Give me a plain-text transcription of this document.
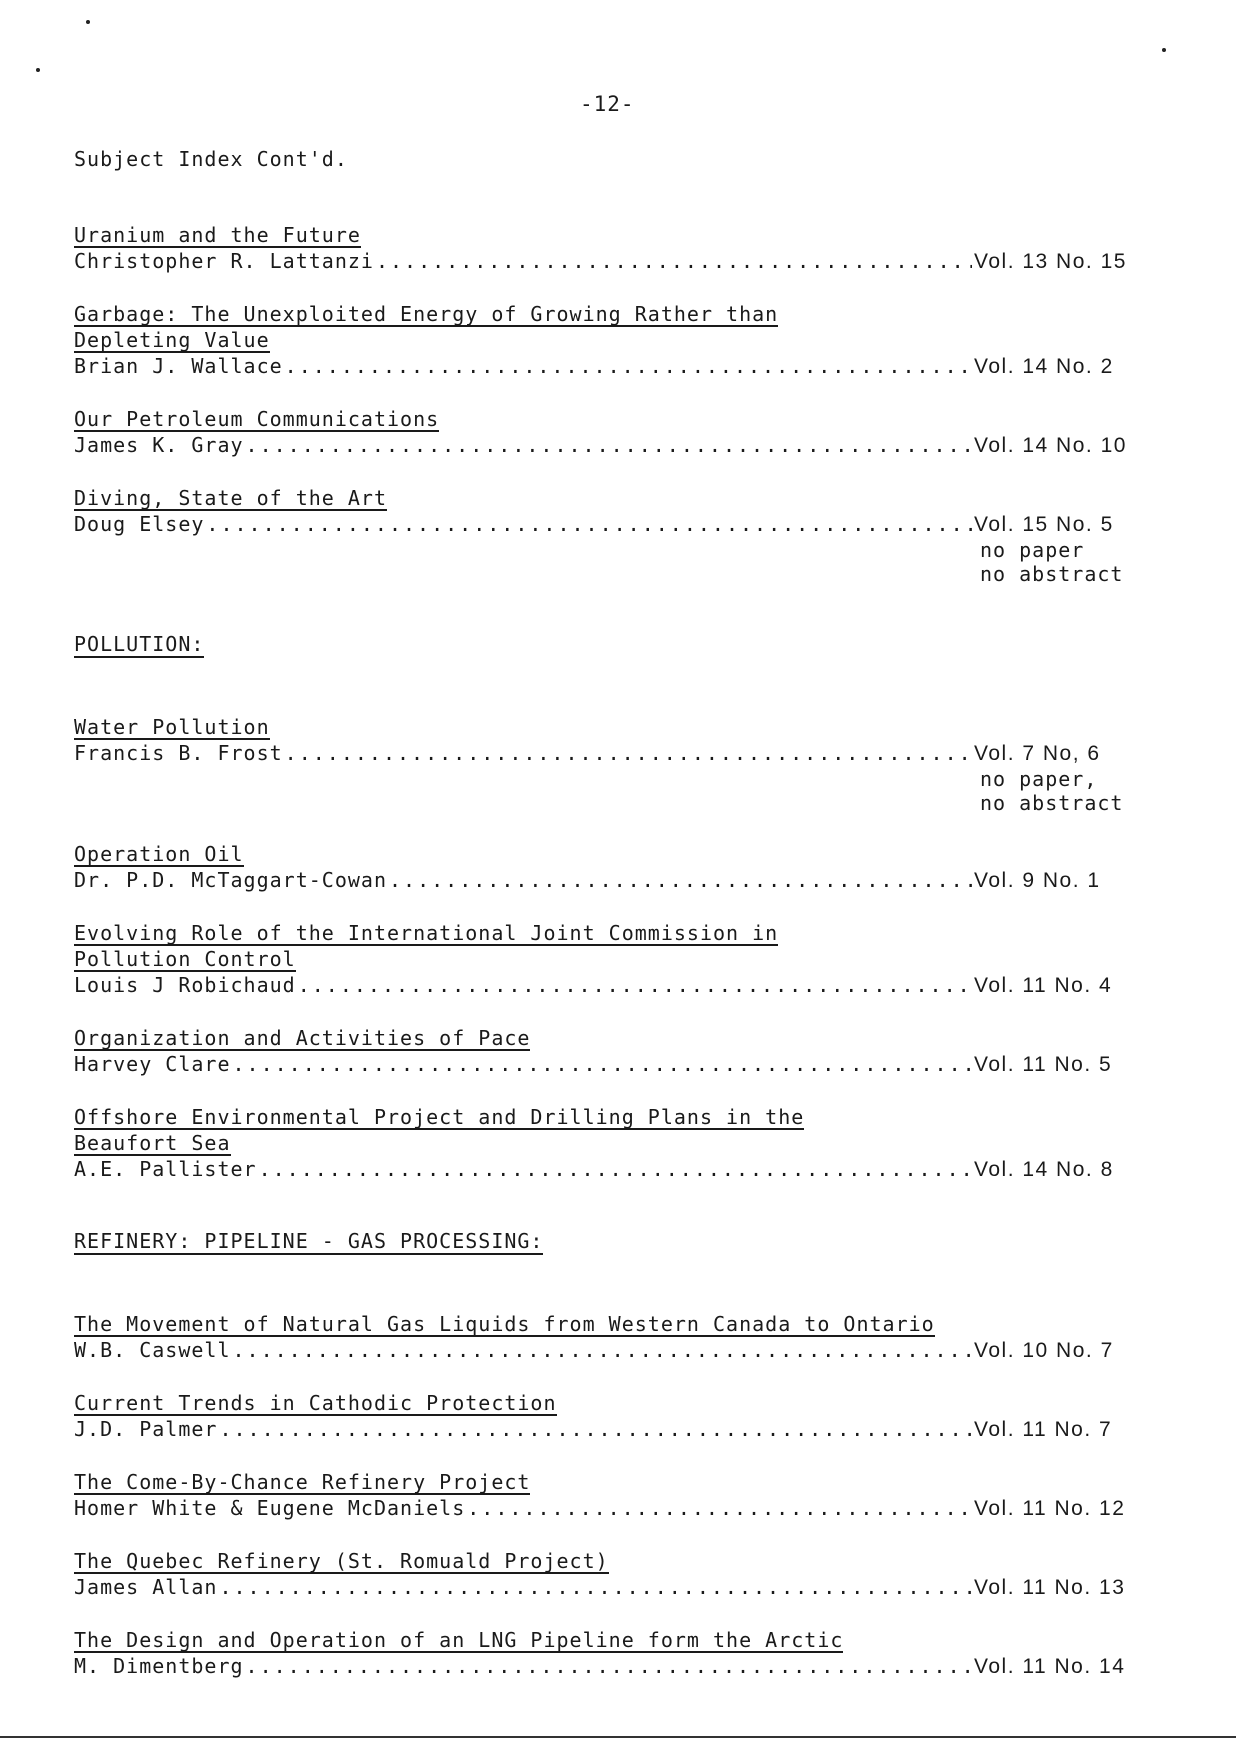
-12-
Subject Index Cont'd.
Uranium and the Future
Christopher R. Lattanzi .....	Vol. 13 No. 15
Garbage: The Unexploited Energy of Growing Rather than
Depleting Value
Brian J. Wallace .....	Vol. 14 No. 2
Our Petroleum Communications
James K. Gray .....	Vol. 14 No. 10
Diving, State of the Art
Doug Elsey .....	Vol. 15 No. 5
no paper
no abstract
POLLUTION:
Water Pollution
Francis B. Frost .....	Vol. 7 No, 6
no paper,
no abstract
Operation Oil
Dr. P.D. McTaggart-Cowan .....	Vol. 9 No. 1
Evolving Role of the International Joint Commission in
Pollution Control
Louis J Robichaud .....	Vol. 11 No. 4
Organization and Activities of Pace
Harvey Clare .....	Vol. 11 No. 5
Offshore Environmental Project and Drilling Plans in the
Beaufort Sea
A.E. Pallister .....	Vol. 14 No. 8
REFINERY: PIPELINE - GAS PROCESSING:
The Movement of Natural Gas Liquids from Western Canada to Ontario
W.B. Caswell .....	Vol. 10 No. 7
Current Trends in Cathodic Protection
J.D. Palmer .....	Vol. 11 No. 7
The Come-By-Chance Refinery Project
Homer White & Eugene McDaniels .....	Vol. 11 No. 12
The Quebec Refinery (St. Romuald Project)
James Allan .....	Vol. 11 No. 13
The Design and Operation of an LNG Pipeline form the Arctic
M. Dimentberg .....	Vol. 11 No. 14
